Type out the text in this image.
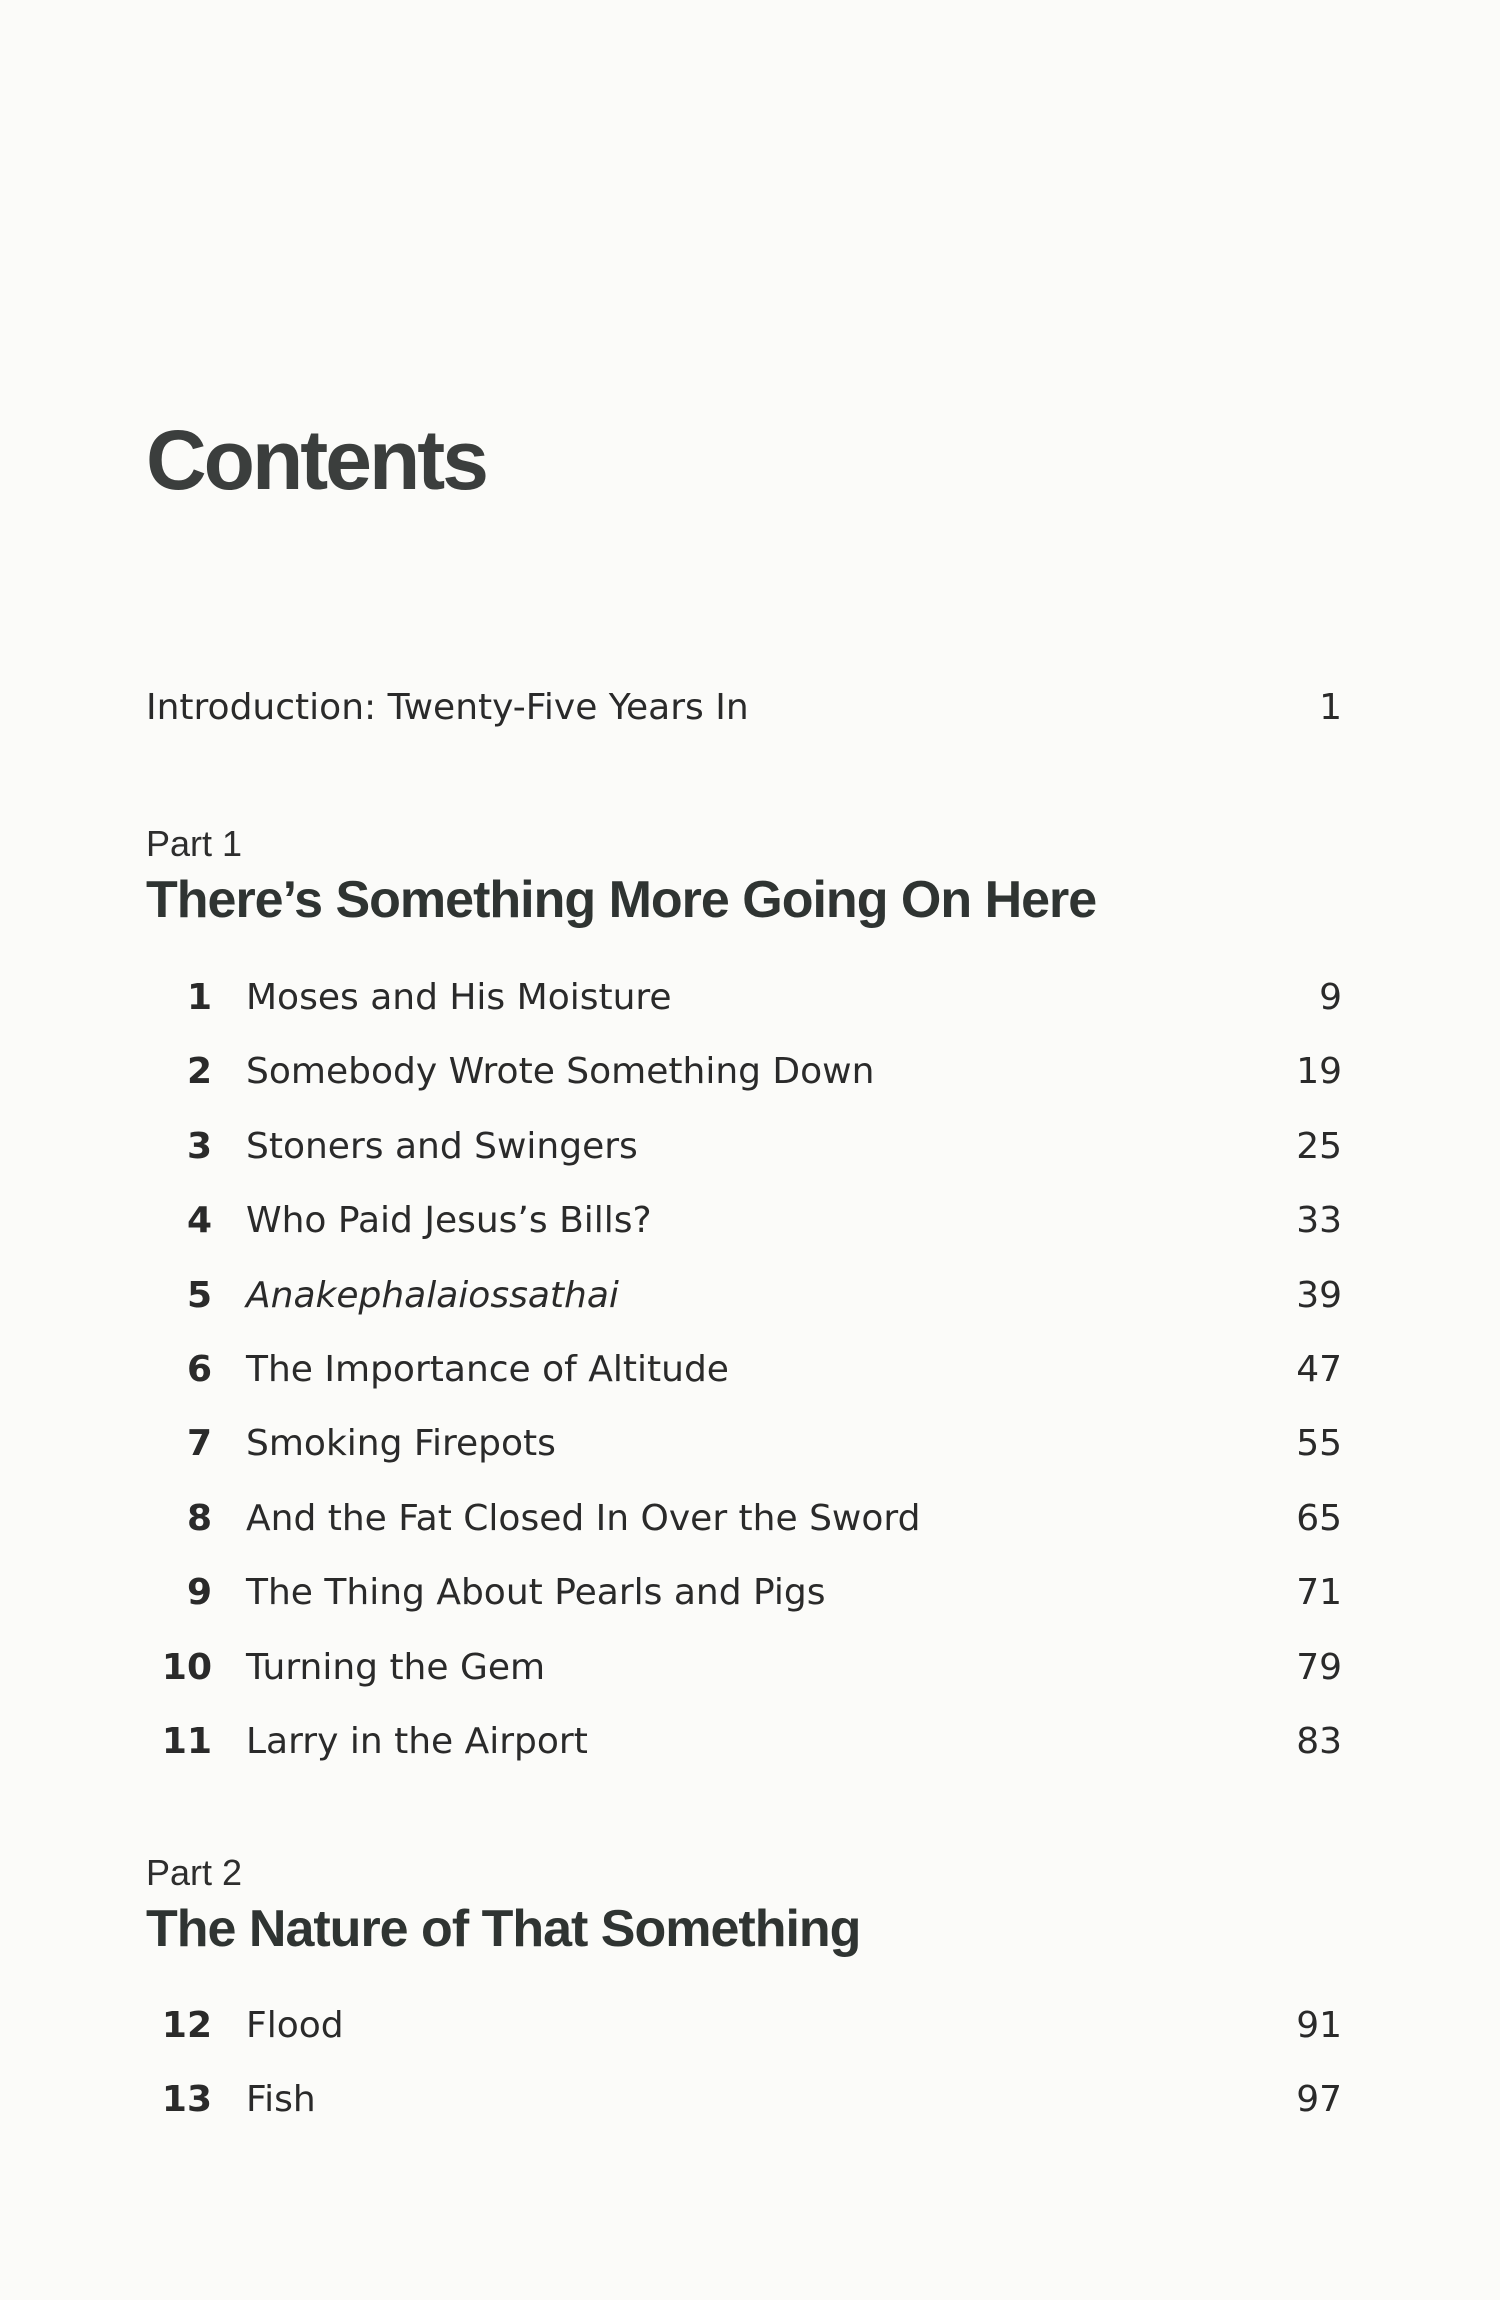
Contents
Introduction: Twenty-Five Years In	1
Part 1
There’s Something More Going On Here
1 Moses and His Moisture	9
2 Somebody Wrote Something Down	19
3 Stoners and Swingers	25
4 Who Paid Jesus’s Bills?	33
5 Anakephalaiossathai	39
6 The Importance of Altitude	47
7 Smoking Firepots	55
8 And the Fat Closed In Over the Sword	65
9 The Thing About Pearls and Pigs	71
10 Turning the Gem	79
11 Larry in the Airport	83
Part 2
The Nature of That Something
12 Flood	91
13 Fish	97
